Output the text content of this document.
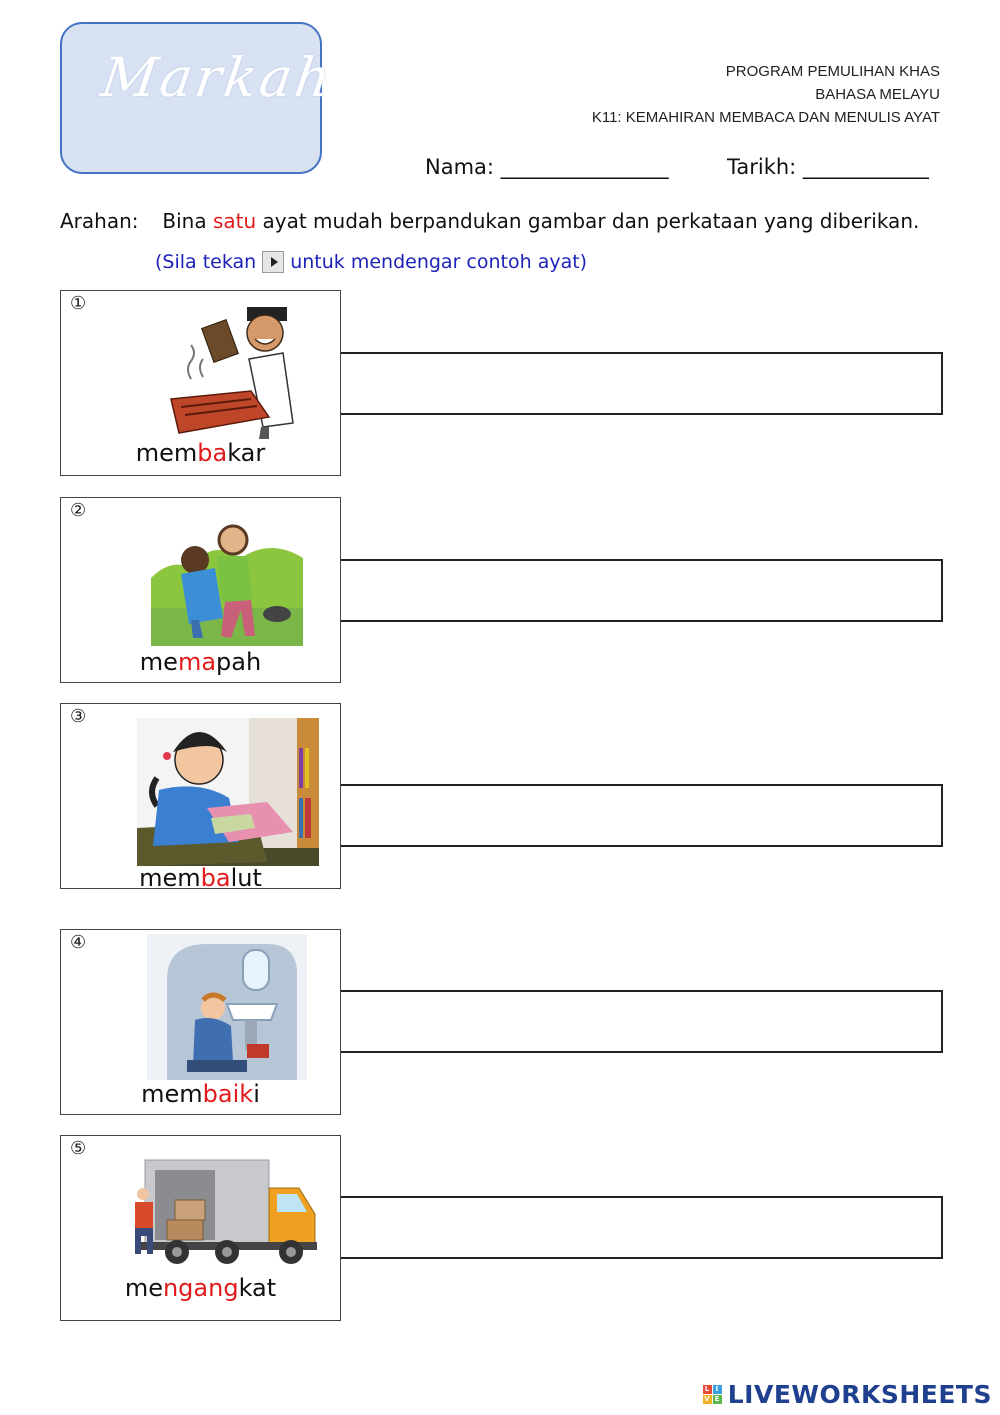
Markah	PROGRAM PEMULIHAN KHAS
BAHASA MELAYU
K11: KEMAHIRAN MEMBACA DAN MENULIS AYAT
Nama: ________________	Tarikh: ____________
Arahan: Bina satu ayat mudah berpandukan gambar dan perkataan yang diberikan.
(Sila tekan untuk mendengar contoh ayat)
①
membakar
②
memapah
③
membalut
④
membaiki
⑤
mengangkat
L I
V E LIVEWORKSHEETS
